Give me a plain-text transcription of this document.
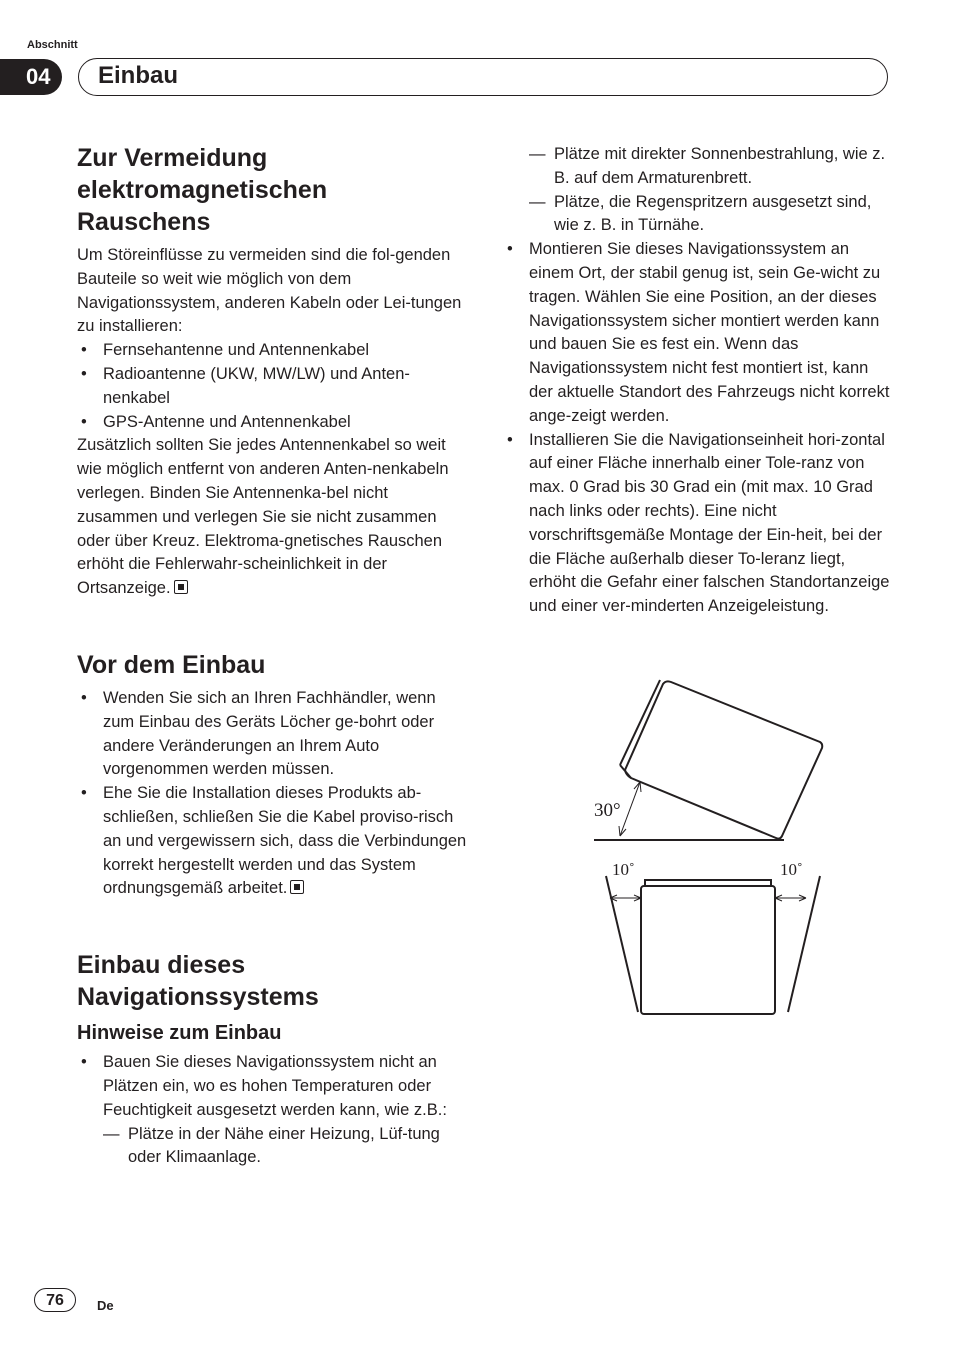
Abschnitt
04	Einbau
Zur Vermeidung elektromagnetischen Rauschens

Um Störeinflüsse zu vermeiden sind die fol-genden Bauteile so weit wie möglich von dem Navigationssystem, anderen Kabeln oder Lei-tungen zu installieren:

• Fernsehantenne und Antennenkabel
• Radioantenne (UKW, MW/LW) und Anten-nenkabel
• GPS-Antenne und Antennenkabel

Zusätzlich sollten Sie jedes Antennenkabel so weit wie möglich entfernt von anderen Anten-nenkabeln verlegen. Binden Sie Antennenka-bel nicht zusammen und verlegen Sie sie nicht zusammen oder über Kreuz. Elektroma-gnetisches Rauschen erhöht die Fehlerwahr-scheinlichkeit in der Ortsanzeige.

Vor dem Einbau
• Wenden Sie sich an Ihren Fachhändler, wenn zum Einbau des Geräts Löcher ge-bohrt oder andere Veränderungen an Ihrem Auto vorgenommen werden müssen.
• Ehe Sie die Installation dieses Produkts ab-schließen, schließen Sie die Kabel proviso-risch an und vergewissern sich, dass die Verbindungen korrekt hergestellt werden und das System ordnungsgemäß arbeitet.
Einbau dieses Navigationssystems
Hinweise zum Einbau
• Bauen Sie dieses Navigationssystem nicht an Plätzen ein, wo es hohen Temperaturen oder Feuchtigkeit ausgesetzt werden kann, wie z.B.:
— Plätze in der Nähe einer Heizung, Lüf-tung oder Klimaanlage.
— Plätze mit direkter Sonnenbestrahlung, wie z. B. auf dem Armaturenbrett.
— Plätze, die Regenspritzern ausgesetzt sind, wie z. B. in Türnähe.
• Montieren Sie dieses Navigationssystem an einem Ort, der stabil genug ist, sein Ge-wicht zu tragen. Wählen Sie eine Position, an der dieses Navigationssystem sicher montiert werden kann und bauen Sie es fest ein. Wenn das Navigationssystem nicht fest montiert ist, kann der aktuelle Standort des Fahrzeugs nicht korrekt ange-zeigt werden.
• Installieren Sie die Navigationseinheit hori-zontal auf einer Fläche innerhalb einer Tole-ranz von max. 0 Grad bis 30 Grad ein (mit max. 10 Grad nach links oder rechts). Eine nicht vorschriftsgemäße Montage der Ein-heit, bei der die Fläche außerhalb dieser To-leranz liegt, erhöht die Gefahr einer falschen Standortanzeige und einer ver-minderten Anzeigeleistung.
30°
10˚	10˚
76	De
